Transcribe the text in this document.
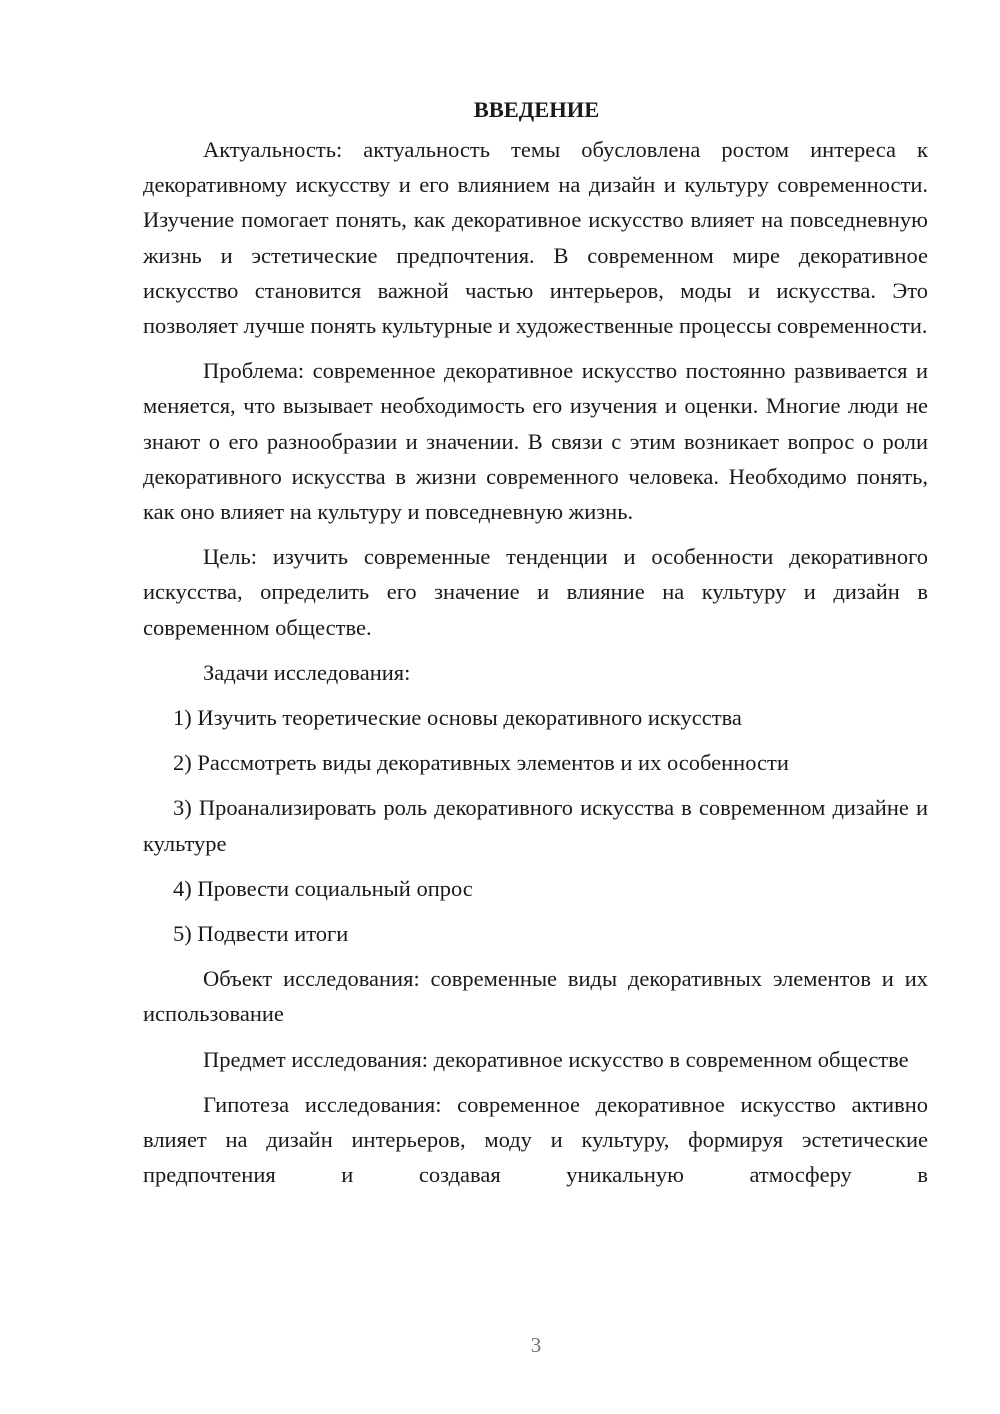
ВВЕДЕНИЕ

Актуальность: актуальность темы обусловлена ростом интереса к декоративному искусству и его влиянием на дизайн и культуру современности. Изучение помогает понять, как декоративное искусство влияет на повседневную жизнь и эстетические предпочтения. В современном мире декоративное искусство становится важной частью интерьеров, моды и искусства. Это позволяет лучше понять культурные и художественные процессы современности.

Проблема: современное декоративное искусство постоянно развивается и меняется, что вызывает необходимость его изучения и оценки. Многие люди не знают о его разнообразии и значении. В связи с этим возникает вопрос о роли декоративного искусства в жизни современного человека. Необходимо понять, как оно влияет на культуру и повседневную жизнь.

Цель: изучить современные тенденции и особенности декоративного искусства, определить его значение и влияние на культуру и дизайн в современном обществе.

Задачи исследования:

1) Изучить теоретические основы декоративного искусства

2) Рассмотреть виды декоративных элементов и их особенности

3) Проанализировать роль декоративного искусства в современном дизайне и культуре

4) Провести социальный опрос

5) Подвести итоги

Объект исследования: современные виды декоративных элементов и их использование

Предмет исследования: декоративное искусство в современном обществе

Гипотеза исследования: современное декоративное искусство активно влияет на дизайн интерьеров, моду и культуру, формируя эстетические предпочтения и создавая уникальную атмосферу в

3
